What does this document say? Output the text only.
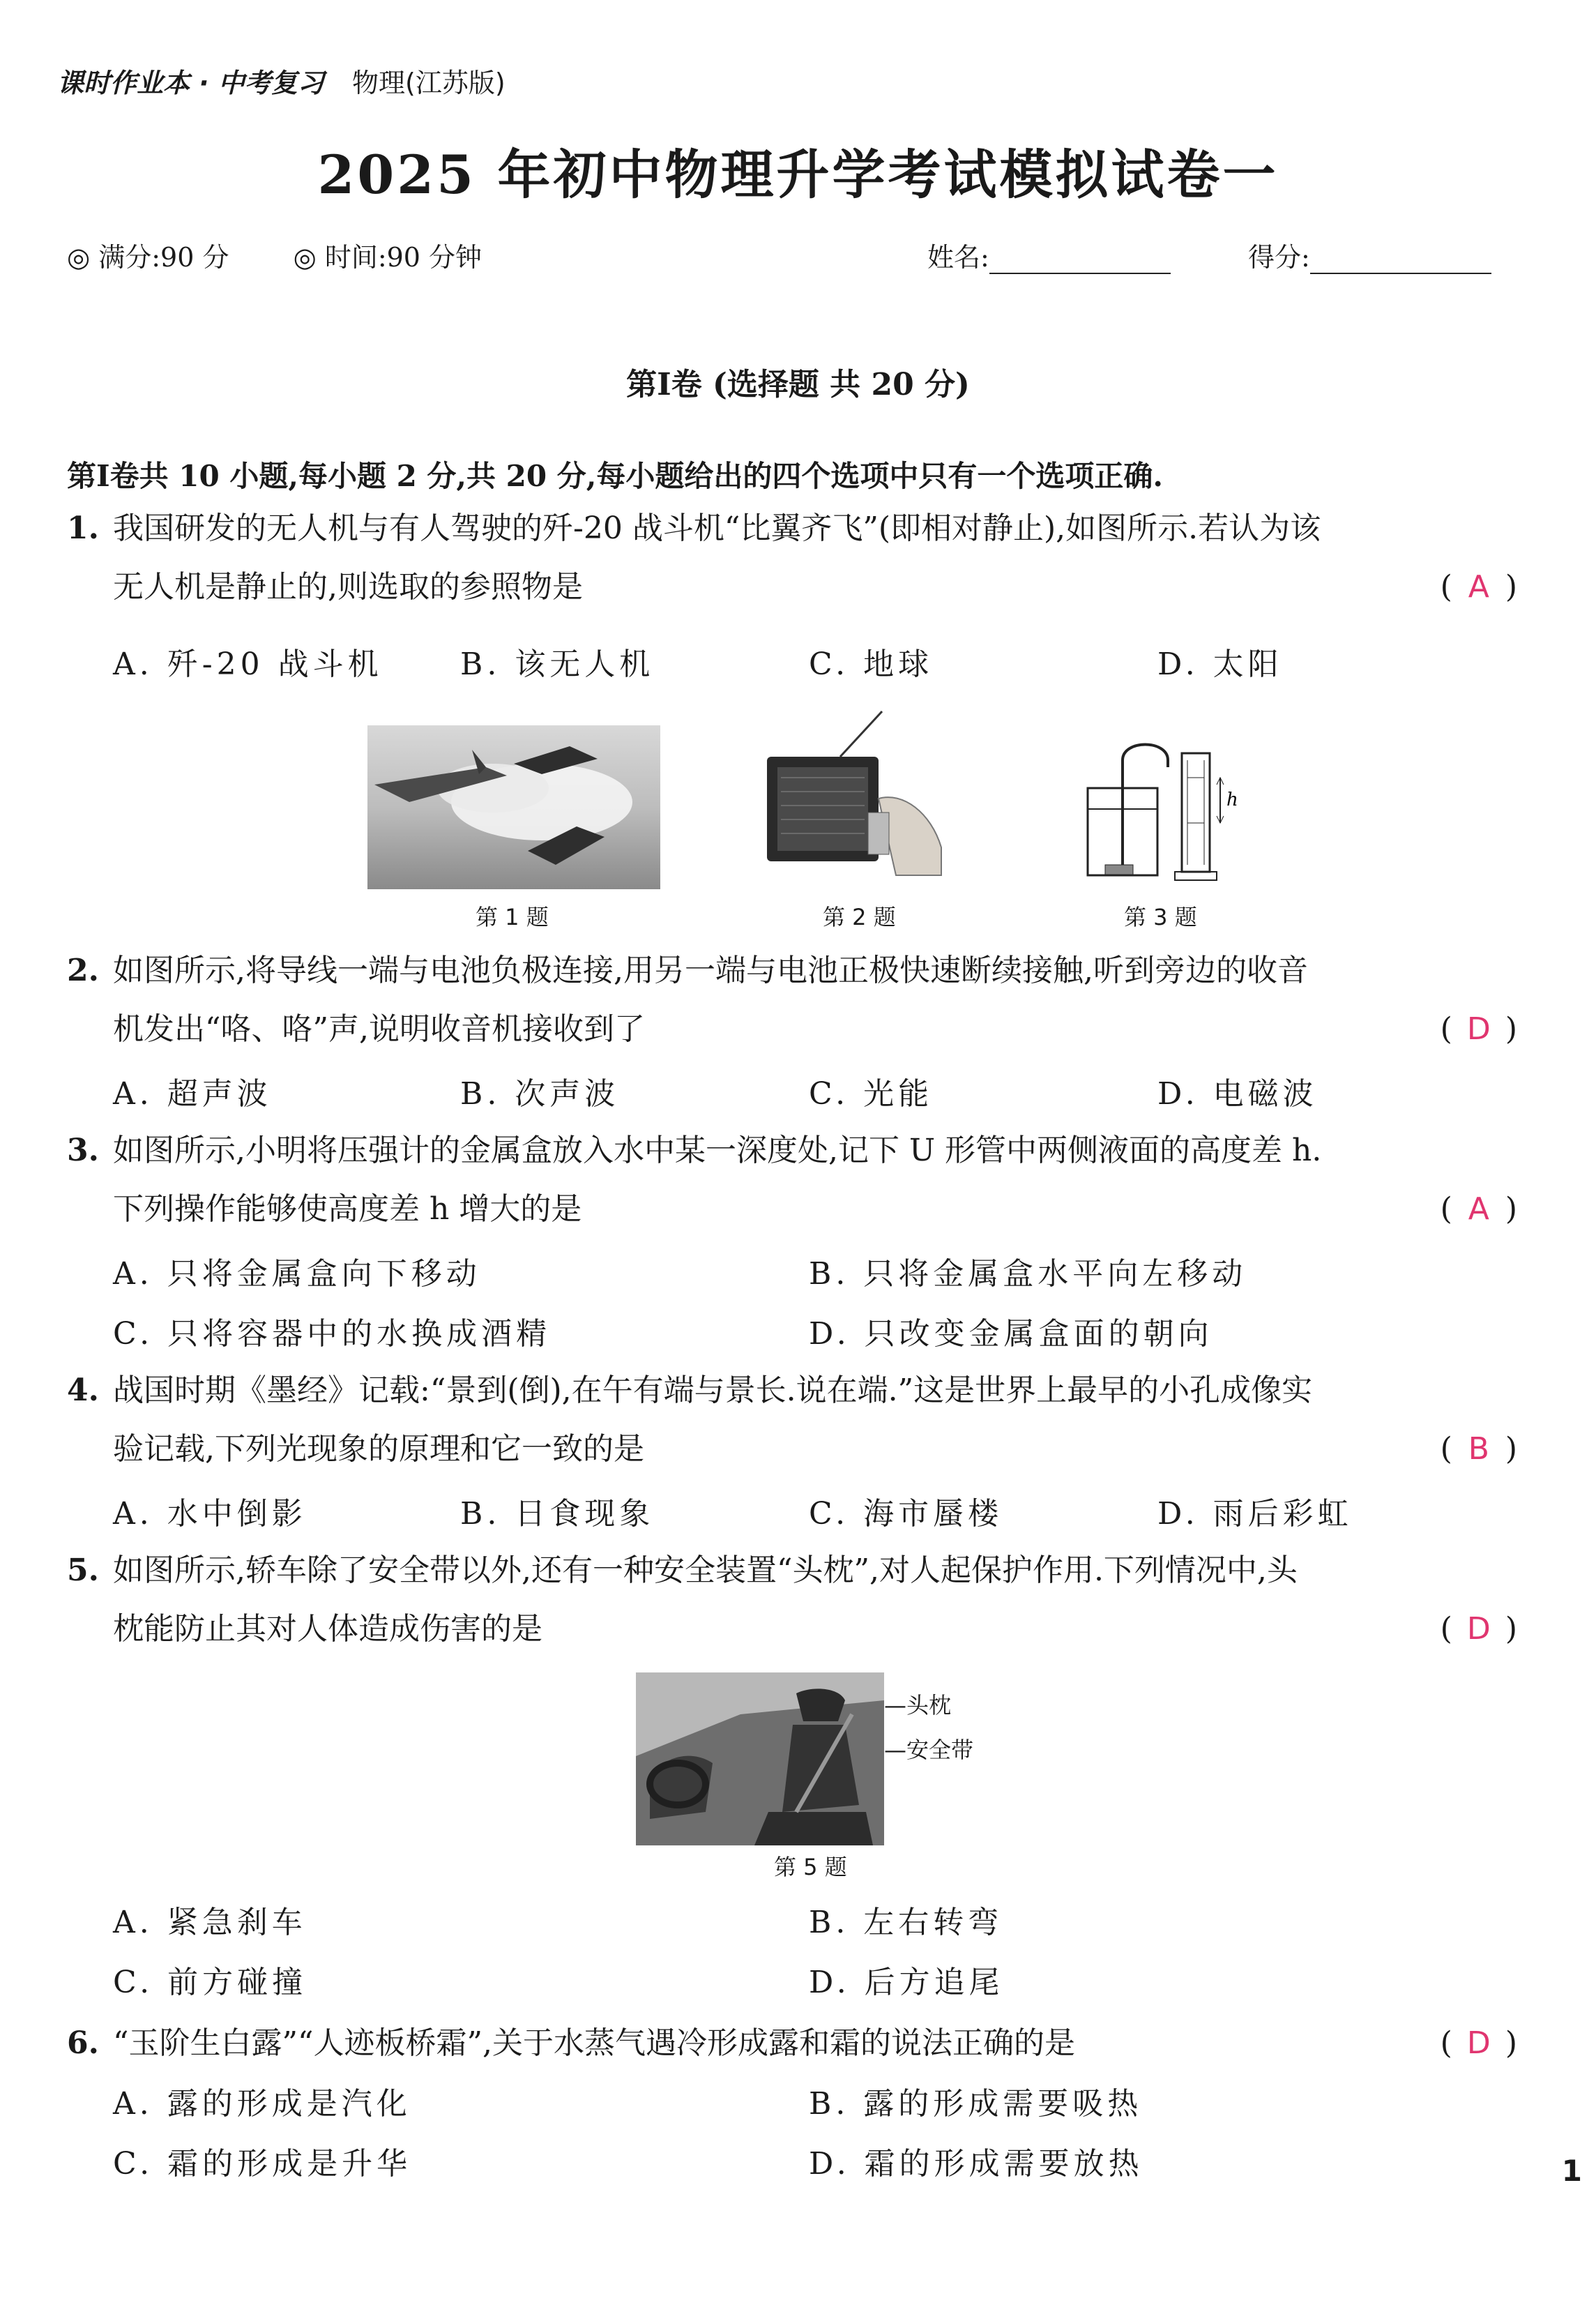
课时作业本 · 中考复习 物理(江苏版)
2025 年初中物理升学考试模拟试卷一
◎ 满分:90 分 ◎ 时间:90 分钟	姓名:	得分:
第Ⅰ卷 (选择题 共 20 分)
第Ⅰ卷共 10 小题,每小题 2 分,共 20 分,每小题给出的四个选项中只有一个选项正确.
1. 我国研发的无人机与有人驾驶的歼-20 战斗机“比翼齐飞”(即相对静止),如图所示.若认为该
无人机是静止的,则选取的参照物是	( A )
A. 歼-20 战斗机	B. 该无人机	C. 地球	D. 太阳
第 1 题	第 2 题
h
第 3 题
2. 如图所示,将导线一端与电池负极连接,用另一端与电池正极快速断续接触,听到旁边的收音
机发出“咯、咯”声,说明收音机接收到了	( D )
A. 超声波	B. 次声波	C. 光能	D. 电磁波
3. 如图所示,小明将压强计的金属盒放入水中某一深度处,记下 U 形管中两侧液面的高度差 h.
下列操作能够使高度差 h 增大的是	( A )
A. 只将金属盒向下移动	B. 只将金属盒水平向左移动
C. 只将容器中的水换成酒精	D. 只改变金属盒面的朝向
4. 战国时期《墨经》记载:“景到(倒),在午有端与景长.说在端.”这是世界上最早的小孔成像实
验记载,下列光现象的原理和它一致的是	( B )
A. 水中倒影	B. 日食现象	C. 海市蜃楼	D. 雨后彩虹
5. 如图所示,轿车除了安全带以外,还有一种安全装置“头枕”,对人起保护作用.下列情况中,头
枕能防止其对人体造成伤害的是	( D )
—头枕
—安全带
第 5 题
A. 紧急刹车	B. 左右转弯
C. 前方碰撞	D. 后方追尾
6. “玉阶生白露”“人迹板桥霜”,关于水蒸气遇冷形成露和霜的说法正确的是	( D )
A. 露的形成是汽化	B. 露的形成需要吸热
C. 霜的形成是升华	D. 霜的形成需要放热	1
